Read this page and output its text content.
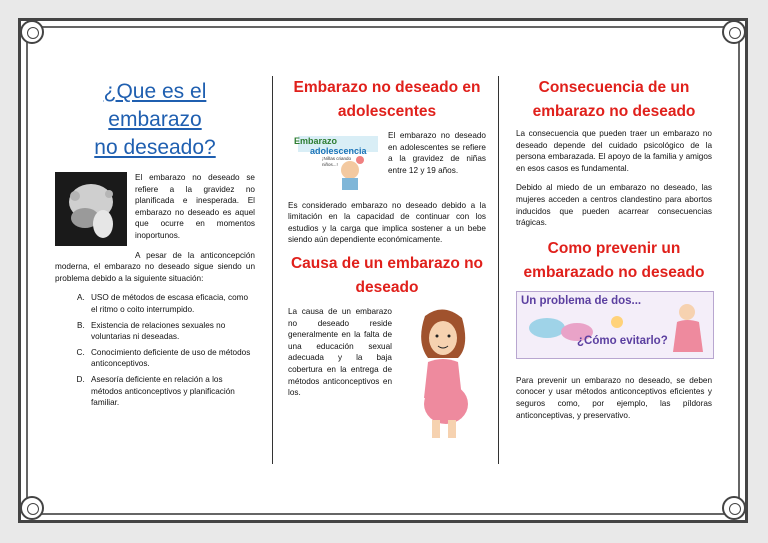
¿Que es el embarazo
no deseado?

El embarazo no deseado se refiere a la gravidez no planificada e inesperada. El embarazo no deseado es aquel que ocurre en momentos inoportunos.

A pesar de la anticoncepción moderna, el embarazo no deseado sigue siendo un problema debido a la siguiente situación:

A. USO de métodos de escasa eficacia, como el ritmo o coito interrumpido.
B. Existencia de relaciones sexuales no voluntarias ni deseadas.
C. Conocimiento deficiente de uso de métodos anticonceptivos.
D. Asesoría deficiente en relación a los métodos anticonceptivos y planificación familiar.
Embarazo no deseado en adolescentes
Embarazo
adolescencia
¡Niñas criando niños...!

El embarazo no deseado en adolescentes se refiere a la gravidez de niñas entre 12 y 19 años.

Es considerado embarazo no deseado debido a la limitación en la capacidad de continuar con los estudios y la carga que implica sostener a un bebe siendo aún dependiente económicamente.

Causa de un embarazo no deseado

La causa de un embarazo no deseado reside generalmente en la falta de una educación sexual adecuada y la baja cobertura en la entrega de métodos anticonceptivos en los.

Consecuencia de un embarazo no deseado

La consecuencia que pueden traer un embarazo no deseado depende del cuidado psicológico de la persona embarazada. El apoyo de la familia y amigos en esos casos es fundamental.

Debido al miedo de un embarazo no deseado, las mujeres acceden a centros clandestino para abortos inducidos que pueden acarrear consecuencias trágicas.

Como prevenir un embarazado no deseado
Un problema de dos...
¿Cómo evitarlo?

Para prevenir un embarazo no deseado, se deben conocer y usar métodos anticonceptivos eficientes y seguros como, por ejemplo, las píldoras anticonceptivas, y preservativo.
